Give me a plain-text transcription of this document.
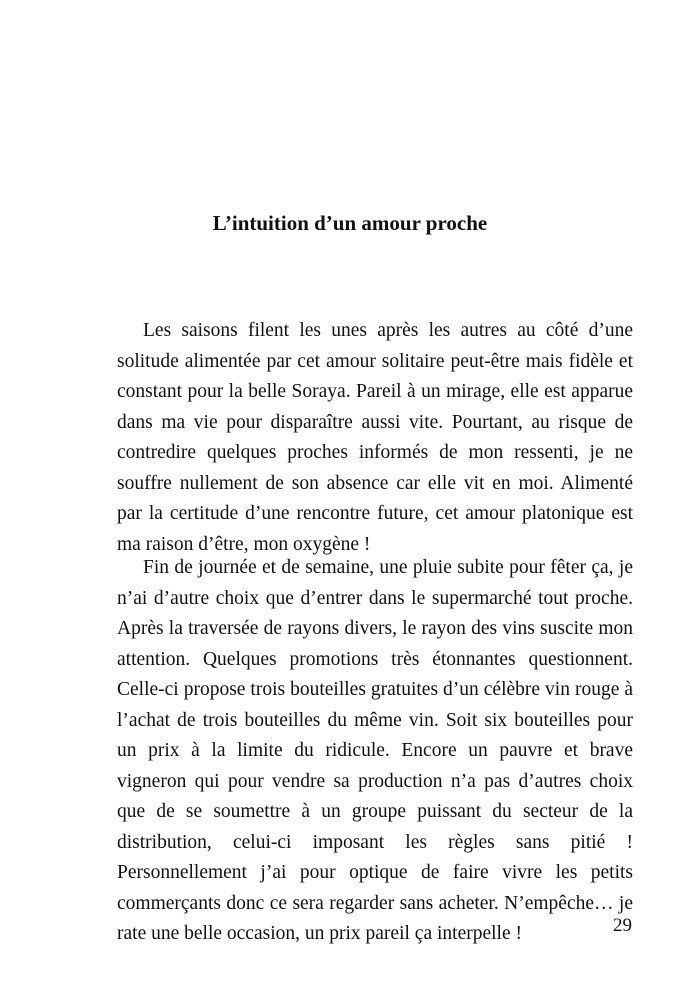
L’intuition d’un amour proche

Les saisons filent les unes après les autres au côté d’une solitude alimentée par cet amour solitaire peut-être mais fidèle et constant pour la belle Soraya. Pareil à un mirage, elle est apparue dans ma vie pour disparaître aussi vite. Pourtant, au risque de contredire quelques proches informés de mon ressenti, je ne souffre nullement de son absence car elle vit en moi. Alimenté par la certitude d’une rencontre future, cet amour platonique est ma raison d’être, mon oxygène !

Fin de journée et de semaine, une pluie subite pour fêter ça, je n’ai d’autre choix que d’entrer dans le supermarché tout proche. Après la traversée de rayons divers, le rayon des vins suscite mon attention. Quelques promotions très étonnantes questionnent. Celle-ci propose trois bouteilles gratuites d’un célèbre vin rouge à l’achat de trois bouteilles du même vin. Soit six bouteilles pour un prix à la limite du ridicule. Encore un pauvre et brave vigneron qui pour vendre sa production n’a pas d’autres choix que de se soumettre à un groupe puissant du secteur de la distribution, celui-ci imposant les règles sans pitié ! Personnellement j’ai pour optique de faire vivre les petits commerçants donc ce sera regarder sans acheter. N’empêche… je rate une belle occasion, un prix pareil ça interpelle !	29
